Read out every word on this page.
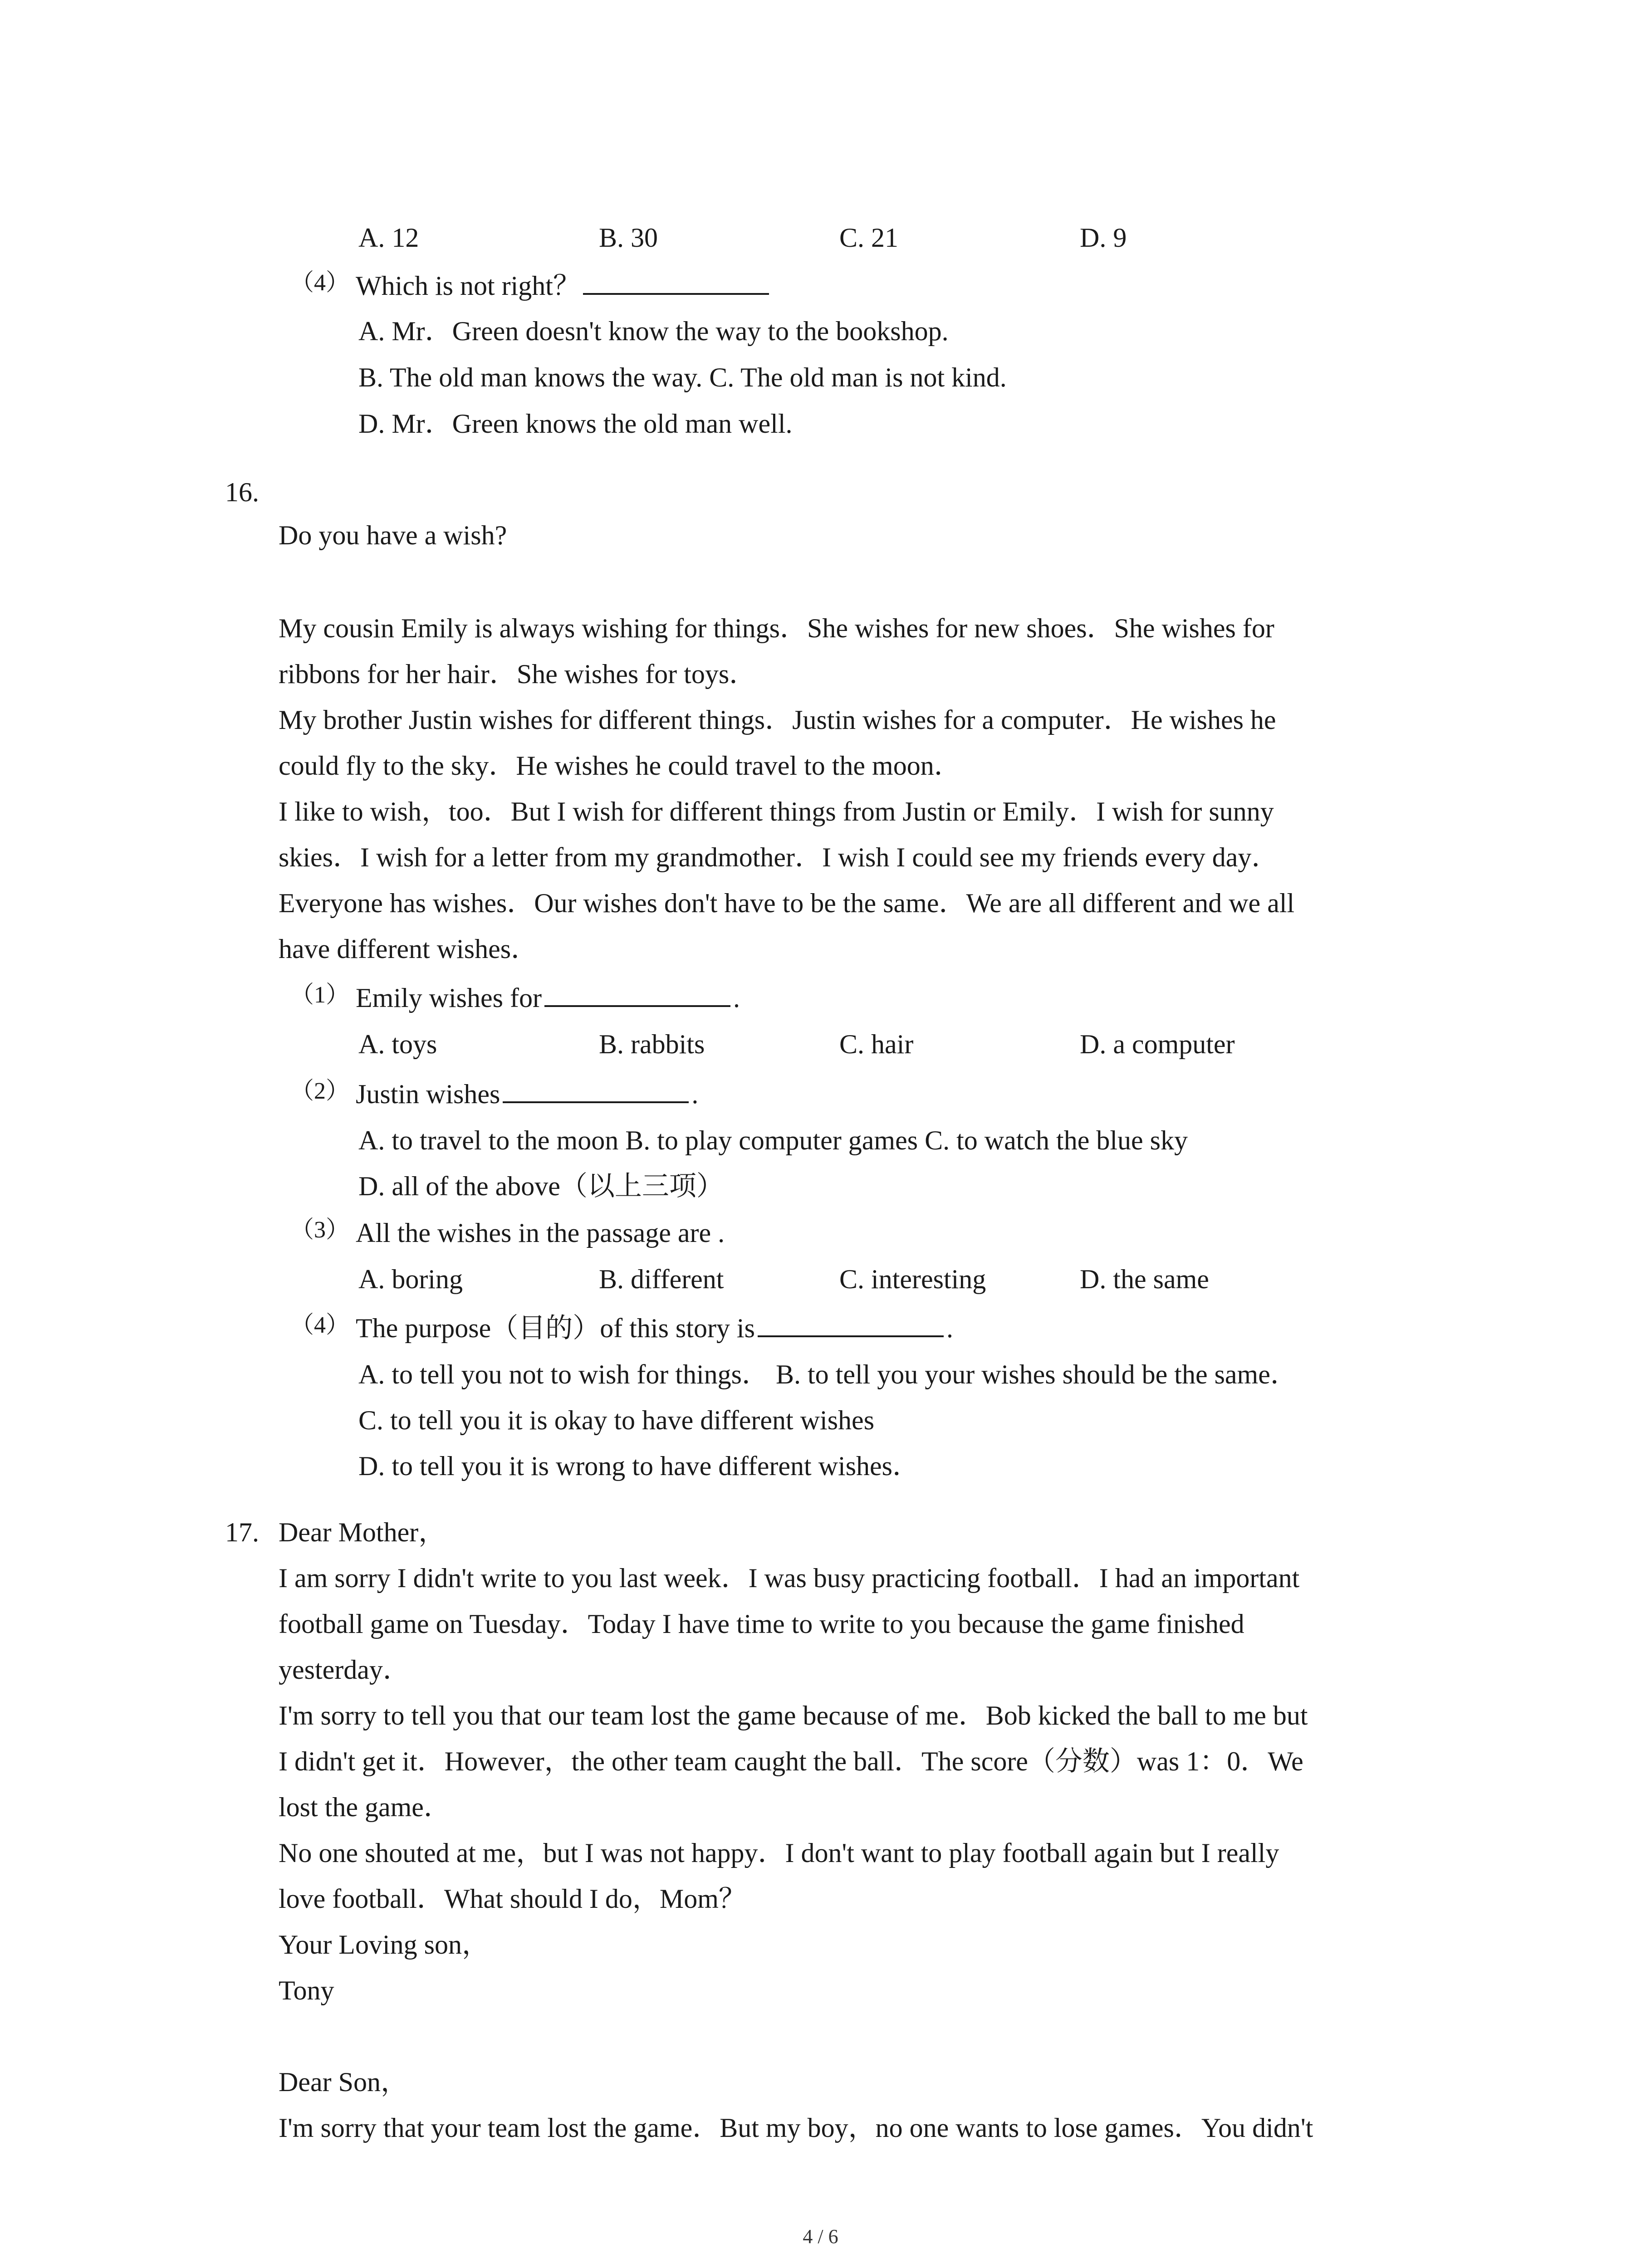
A. 12	B. 30	C. 21	D. 9
（4） Which is not right？
A. Mr．Green doesn't know the way to the bookshop.
B. The old man knows the way. C. The old man is not kind.
D. Mr．Green knows the old man well.
16.
Do you have a wish?
My cousin Emily is always wishing for things．She wishes for new shoes．She wishes for
ribbons for her hair．She wishes for toys．
My brother Justin wishes for different things．Justin wishes for a computer．He wishes he
could fly to the sky．He wishes he could travel to the moon．
I like to wish，too．But I wish for different things from Justin or Emily．I wish for sunny
skies．I wish for a letter from my grandmother．I wish I could see my friends every day．
Everyone has wishes．Our wishes don't have to be the same．We are all different and we all
have different wishes．
（1） Emily wishes for	.
A. toys	B. rabbits	C. hair	D. a computer
（2） Justin wishes	.
A. to travel to the moon B. to play computer games C. to watch the blue sky
D. all of the above（以上三项）
（3） All the wishes in the passage are .
A. boring	B. different	C. interesting	D. the same
（4） The purpose（目的）of this story is	.
A. to tell you not to wish for things． B. to tell you your wishes should be the same．
C. to tell you it is okay to have different wishes
D. to tell you it is wrong to have different wishes．
17. Dear Mother，
I am sorry I didn't write to you last week．I was busy practicing football．I had an important
football game on Tuesday．Today I have time to write to you because the game finished
yesterday．
I'm sorry to tell you that our team lost the game because of me．Bob kicked the ball to me but
I didn't get it．However，the other team caught the ball．The score（分数）was 1：0．We
lost the game．
No one shouted at me，but I was not happy．I don't want to play football again but I really
love football．What should I do，Mom？
Your Loving son，
Tony
Dear Son，
I'm sorry that your team lost the game．But my boy，no one wants to lose games．You didn't
4 / 6
